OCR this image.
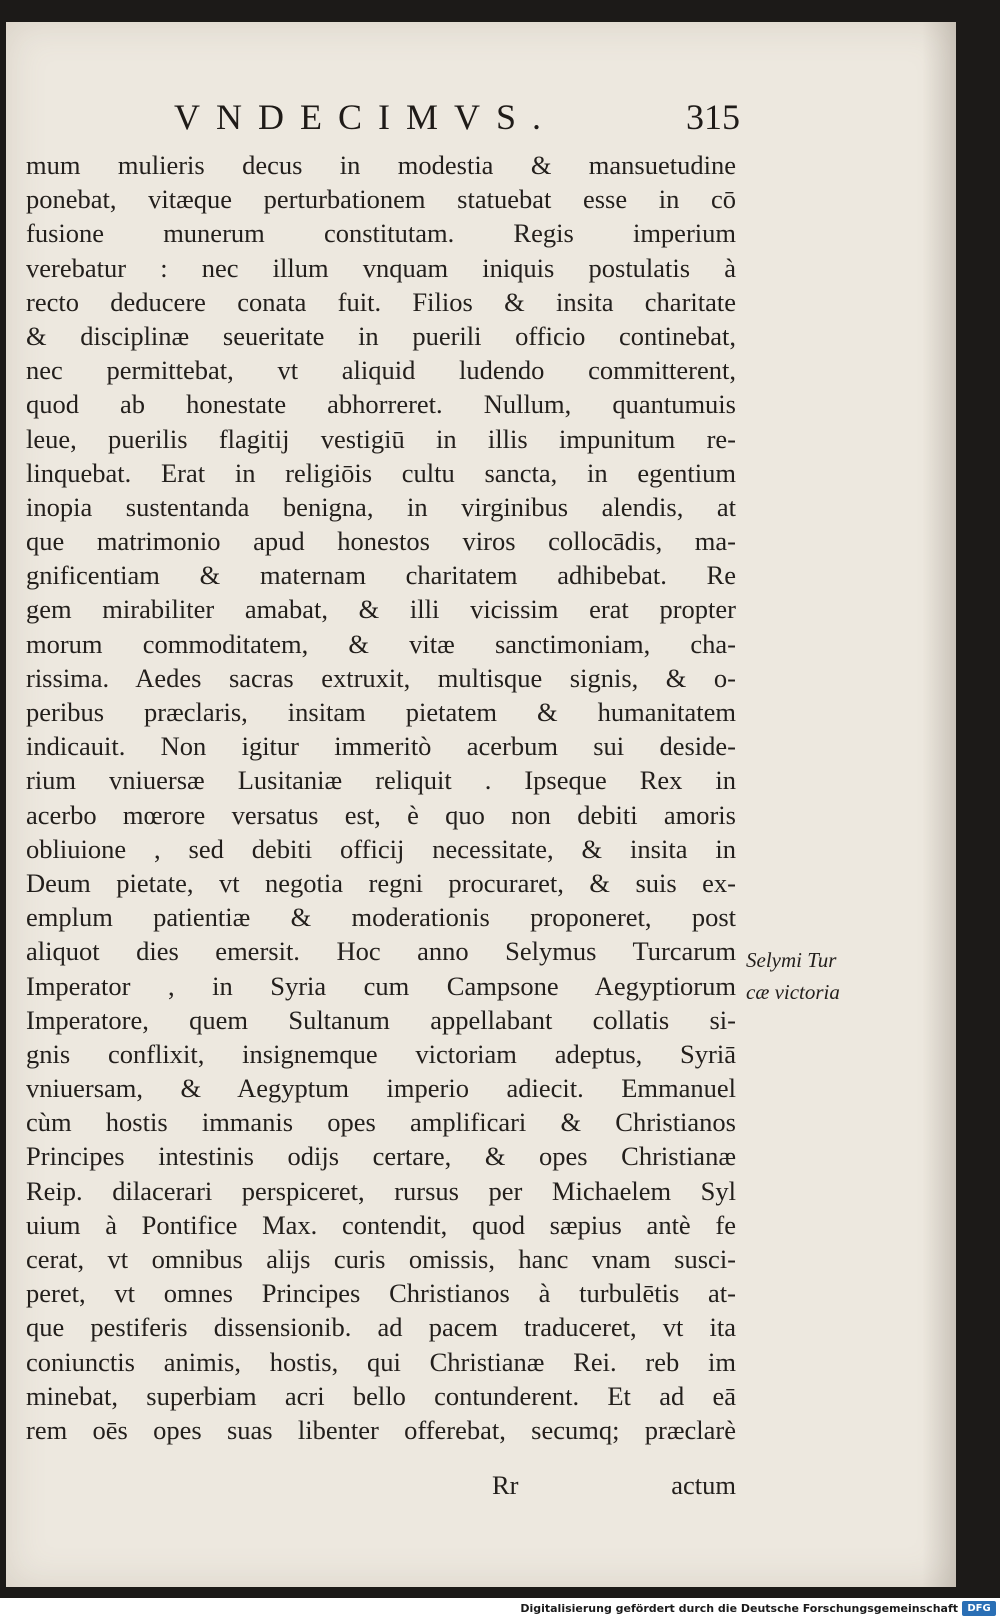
VNDECIMVS.	315
mum mulieris decus in modestia & mansuetudine
ponebat, vitæque perturbationem statuebat esse in cō
fusione munerum constitutam. Regis imperium
verebatur : nec illum vnquam iniquis postulatis à
recto deducere conata fuit. Filios & insita charitate
& disciplinæ seueritate in puerili officio continebat,
nec permittebat, vt aliquid ludendo committerent,
quod ab honestate abhorreret. Nullum, quantumuis
leue, puerilis flagitij vestigiū in illis impunitum re-
linquebat. Erat in religiōis cultu sancta, in egentium
inopia sustentanda benigna, in virginibus alendis, at
que matrimonio apud honestos viros collocādis, ma-
gnificentiam & maternam charitatem adhibebat. Re
gem mirabiliter amabat, & illi vicissim erat propter
morum commoditatem, & vitæ sanctimoniam, cha-
rissima. Aedes sacras extruxit, multisque signis, & o-
peribus præclaris, insitam pietatem & humanitatem
indicauit. Non igitur immeritò acerbum sui deside-
rium vniuersæ Lusitaniæ reliquit . Ipseque Rex in
acerbo mœrore versatus est, è quo non debiti amoris
obliuione , sed debiti officij necessitate, & insita in
Deum pietate, vt negotia regni procuraret, & suis ex-
emplum patientiæ & moderationis proponeret, post
aliquot dies emersit. Hoc anno Selymus Turcarum
Imperator , in Syria cum Campsone Aegyptiorum
Imperatore, quem Sultanum appellabant collatis si-
gnis conflixit, insignemque victoriam adeptus, Syriā
vniuersam, & Aegyptum imperio adiecit. Emmanuel
cùm hostis immanis opes amplificari & Christianos
Principes intestinis odijs certare, & opes Christianæ
Reip. dilacerari perspiceret, rursus per Michaelem Syl
uium à Pontifice Max. contendit, quod sæpius antè fe
cerat, vt omnibus alijs curis omissis, hanc vnam susci-
peret, vt omnes Principes Christianos à turbulētis at-
que pestiferis dissensionib. ad pacem traduceret, vt ita
coniunctis animis, hostis, qui Christianæ Rei. reb im
minebat, superbiam acri bello contunderent. Et ad eā
rem oēs opes suas libenter offerebat, secumq; præclarè
Selymi Tur
cæ victoria
Rr	actum
Digitalisierung gefördert durch die Deutsche Forschungsgemeinschaft DFG
